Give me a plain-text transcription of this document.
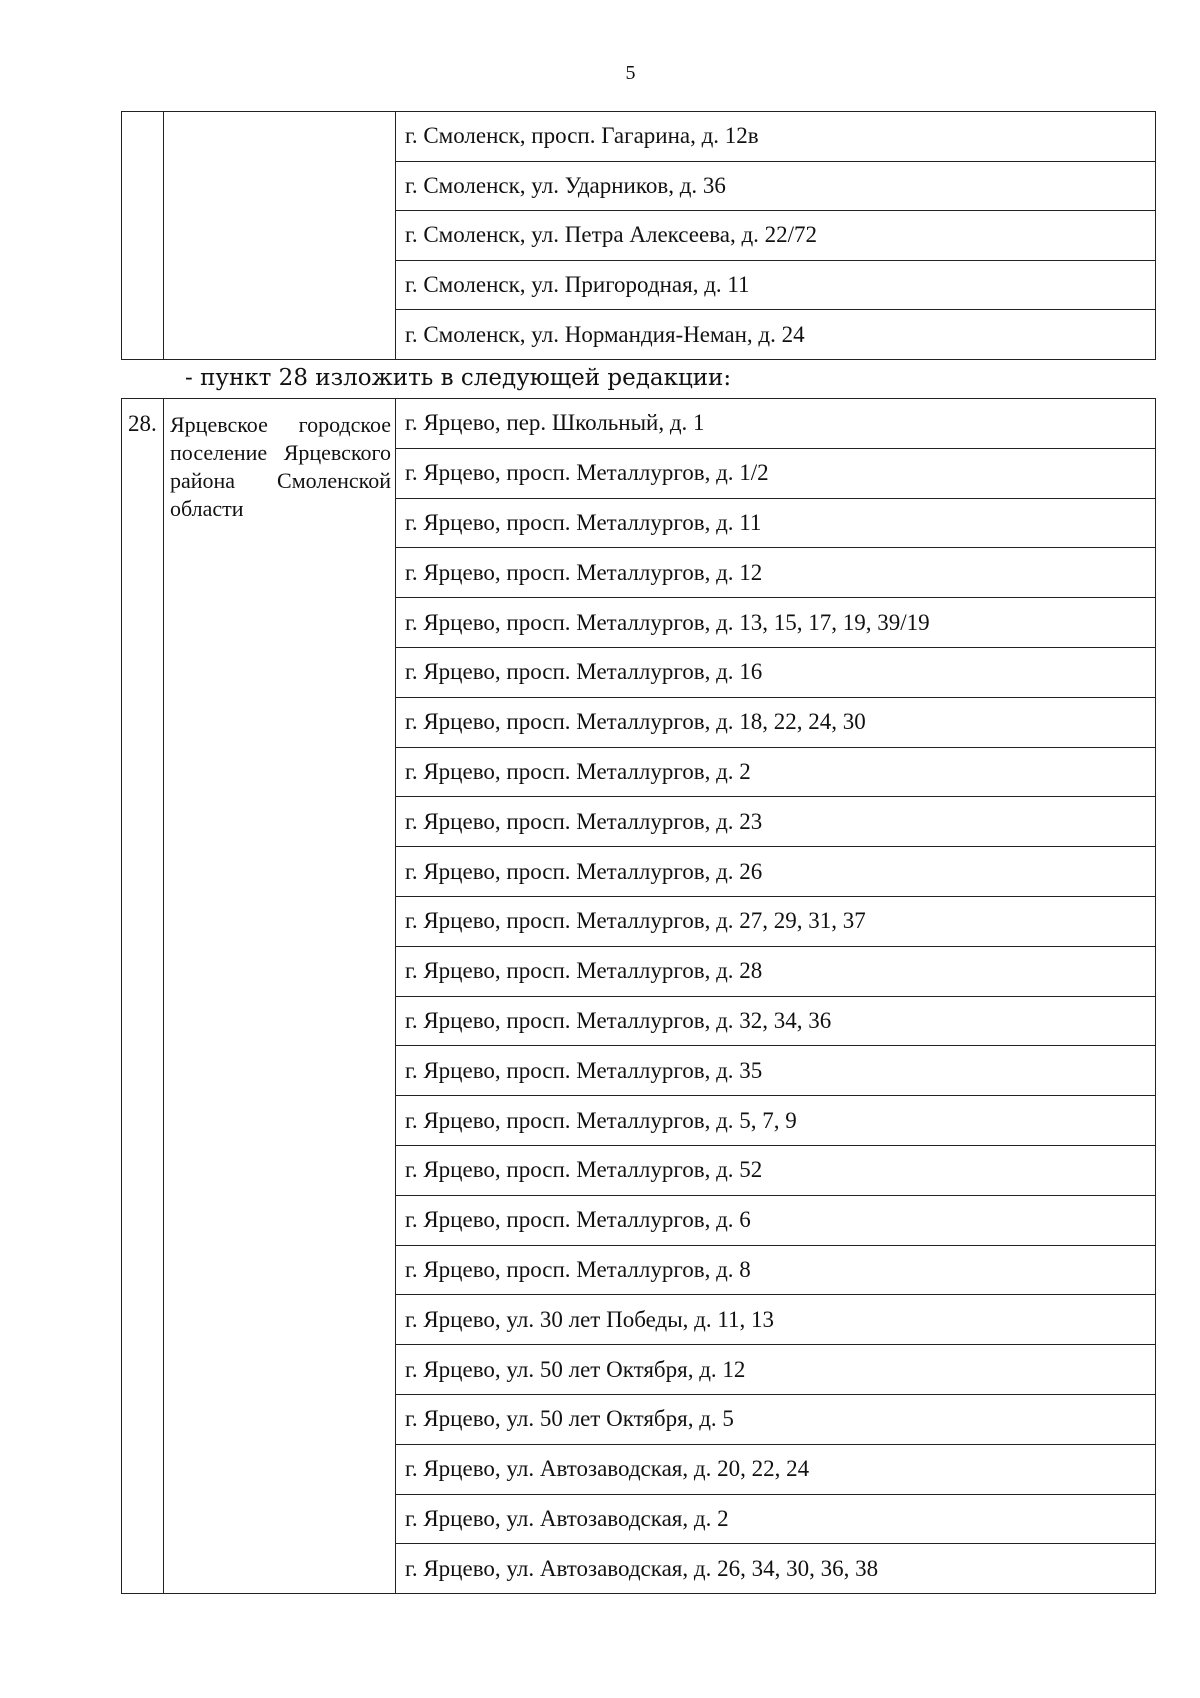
5
		г. Смоленск, просп. Гагарина, д. 12в
г. Смоленск, ул. Ударников, д. 36
г. Смоленск, ул. Петра Алексеева, д. 22/72
г. Смоленск, ул. Пригородная, д. 11
г. Смоленск, ул. Нормандия-Неман, д. 24
- пункт 28 изложить в следующей редакции:
28.	Ярцевское городское поселение Ярцевского района Смоленской области	г. Ярцево, пер. Школьный, д. 1
г. Ярцево, просп. Металлургов, д. 1/2
г. Ярцево, просп. Металлургов, д. 11
г. Ярцево, просп. Металлургов, д. 12
г. Ярцево, просп. Металлургов, д. 13, 15, 17, 19, 39/19
г. Ярцево, просп. Металлургов, д. 16
г. Ярцево, просп. Металлургов, д. 18, 22, 24, 30
г. Ярцево, просп. Металлургов, д. 2
г. Ярцево, просп. Металлургов, д. 23
г. Ярцево, просп. Металлургов, д. 26
г. Ярцево, просп. Металлургов, д. 27, 29, 31, 37
г. Ярцево, просп. Металлургов, д. 28
г. Ярцево, просп. Металлургов, д. 32, 34, 36
г. Ярцево, просп. Металлургов, д. 35
г. Ярцево, просп. Металлургов, д. 5, 7, 9
г. Ярцево, просп. Металлургов, д. 52
г. Ярцево, просп. Металлургов, д. 6
г. Ярцево, просп. Металлургов, д. 8
г. Ярцево, ул. 30 лет Победы, д. 11, 13
г. Ярцево, ул. 50 лет Октября, д. 12
г. Ярцево, ул. 50 лет Октября, д. 5
г. Ярцево, ул. Автозаводская, д. 20, 22, 24
г. Ярцево, ул. Автозаводская, д. 2
г. Ярцево, ул. Автозаводская, д. 26, 34, 30, 36, 38
